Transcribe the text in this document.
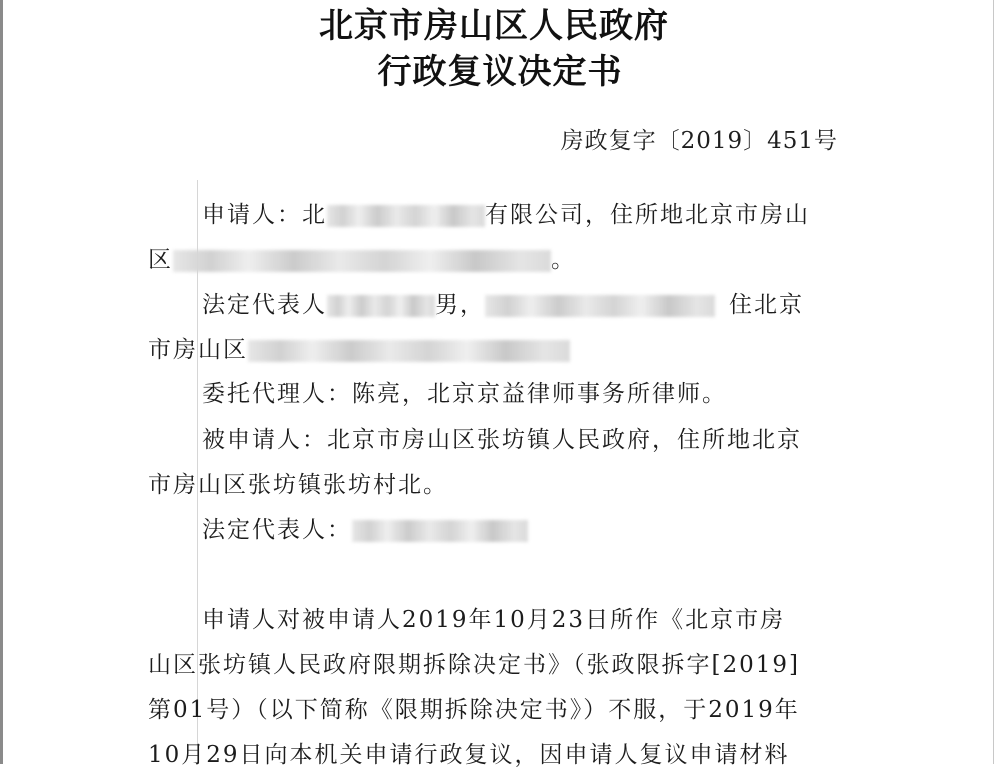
北京市房山区人民政府
行政复议决定书
房政复字〔2019〕451号
申请人：北	有限公司，住所地北京市房山
区	。
法定代表人	男，	住北京
市房山区
委托代理人：陈亮，北京京益律师事务所律师。
被申请人：北京市房山区张坊镇人民政府，住所地北京
市房山区张坊镇张坊村北。
法定代表人：
申请人对被申请人2019年10月23日所作《北京市房
山区张坊镇人民政府限期拆除决定书》（张政限拆字[2019]
第01号）（以下简称《限期拆除决定书》）不服，于2019年
10月29日向本机关申请行政复议，因申请人复议申请材料
